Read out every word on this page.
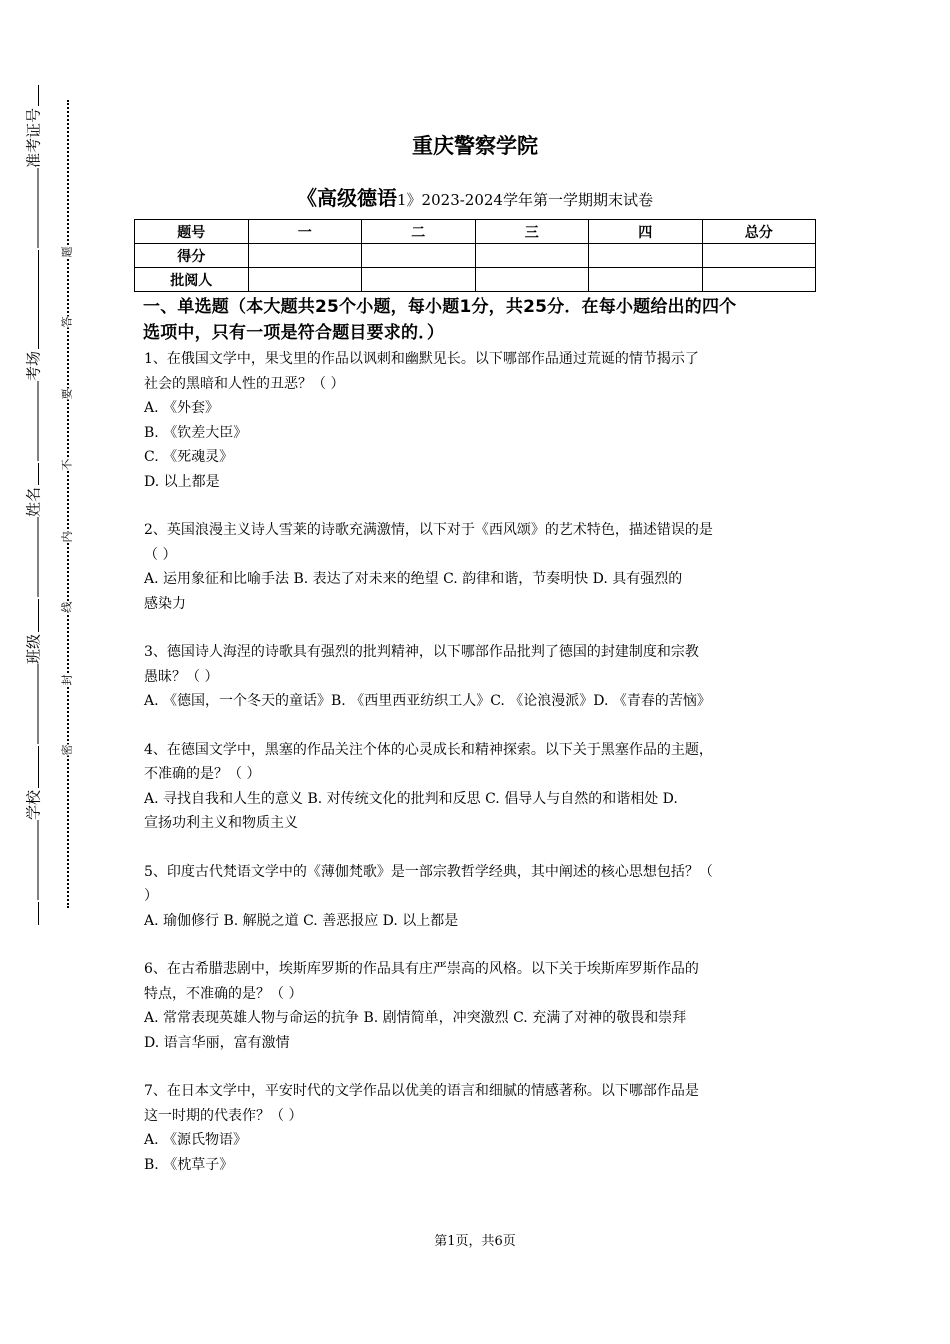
准考证号
考场
姓名
班级
学校
题
答
要
不
内
线
封
密
重庆警察学院
《高级德语1》2023-2024学年第一学期期末试卷
题号	一	二	三	四	总分
得分					
批阅人					
一、单选题（本大题共25个小题，每小题1分，共25分．在每小题给出的四个
选项中，只有一项是符合题目要求的．）

1、在俄国文学中，果戈里的作品以讽刺和幽默见长。以下哪部作品通过荒诞的情节揭示了

社会的黑暗和人性的丑恶？（ ）

A. 《外套》

B. 《钦差大臣》

C. 《死魂灵》

D. 以上都是

2、英国浪漫主义诗人雪莱的诗歌充满激情，以下对于《西风颂》的艺术特色，描述错误的是

（ ）

A. 运用象征和比喻手法 B. 表达了对未来的绝望 C. 韵律和谐，节奏明快 D. 具有强烈的

感染力

3、德国诗人海涅的诗歌具有强烈的批判精神，以下哪部作品批判了德国的封建制度和宗教

愚昧？（ ）

A. 《德国，一个冬天的童话》B. 《西里西亚纺织工人》C. 《论浪漫派》D. 《青春的苦恼》

4、在德国文学中，黑塞的作品关注个体的心灵成长和精神探索。以下关于黑塞作品的主题，

不准确的是？（ ）

A. 寻找自我和人生的意义 B. 对传统文化的批判和反思 C. 倡导人与自然的和谐相处 D.

宣扬功利主义和物质主义

5、印度古代梵语文学中的《薄伽梵歌》是一部宗教哲学经典，其中阐述的核心思想包括？（

）

A. 瑜伽修行 B. 解脱之道 C. 善恶报应 D. 以上都是

6、在古希腊悲剧中，埃斯库罗斯的作品具有庄严崇高的风格。以下关于埃斯库罗斯作品的

特点，不准确的是？（ ）

A. 常常表现英雄人物与命运的抗争 B. 剧情简单，冲突激烈 C. 充满了对神的敬畏和崇拜

D. 语言华丽，富有激情

7、在日本文学中，平安时代的文学作品以优美的语言和细腻的情感著称。以下哪部作品是

这一时期的代表作？（ ）

A. 《源氏物语》

B. 《枕草子》

第1页，共6页
